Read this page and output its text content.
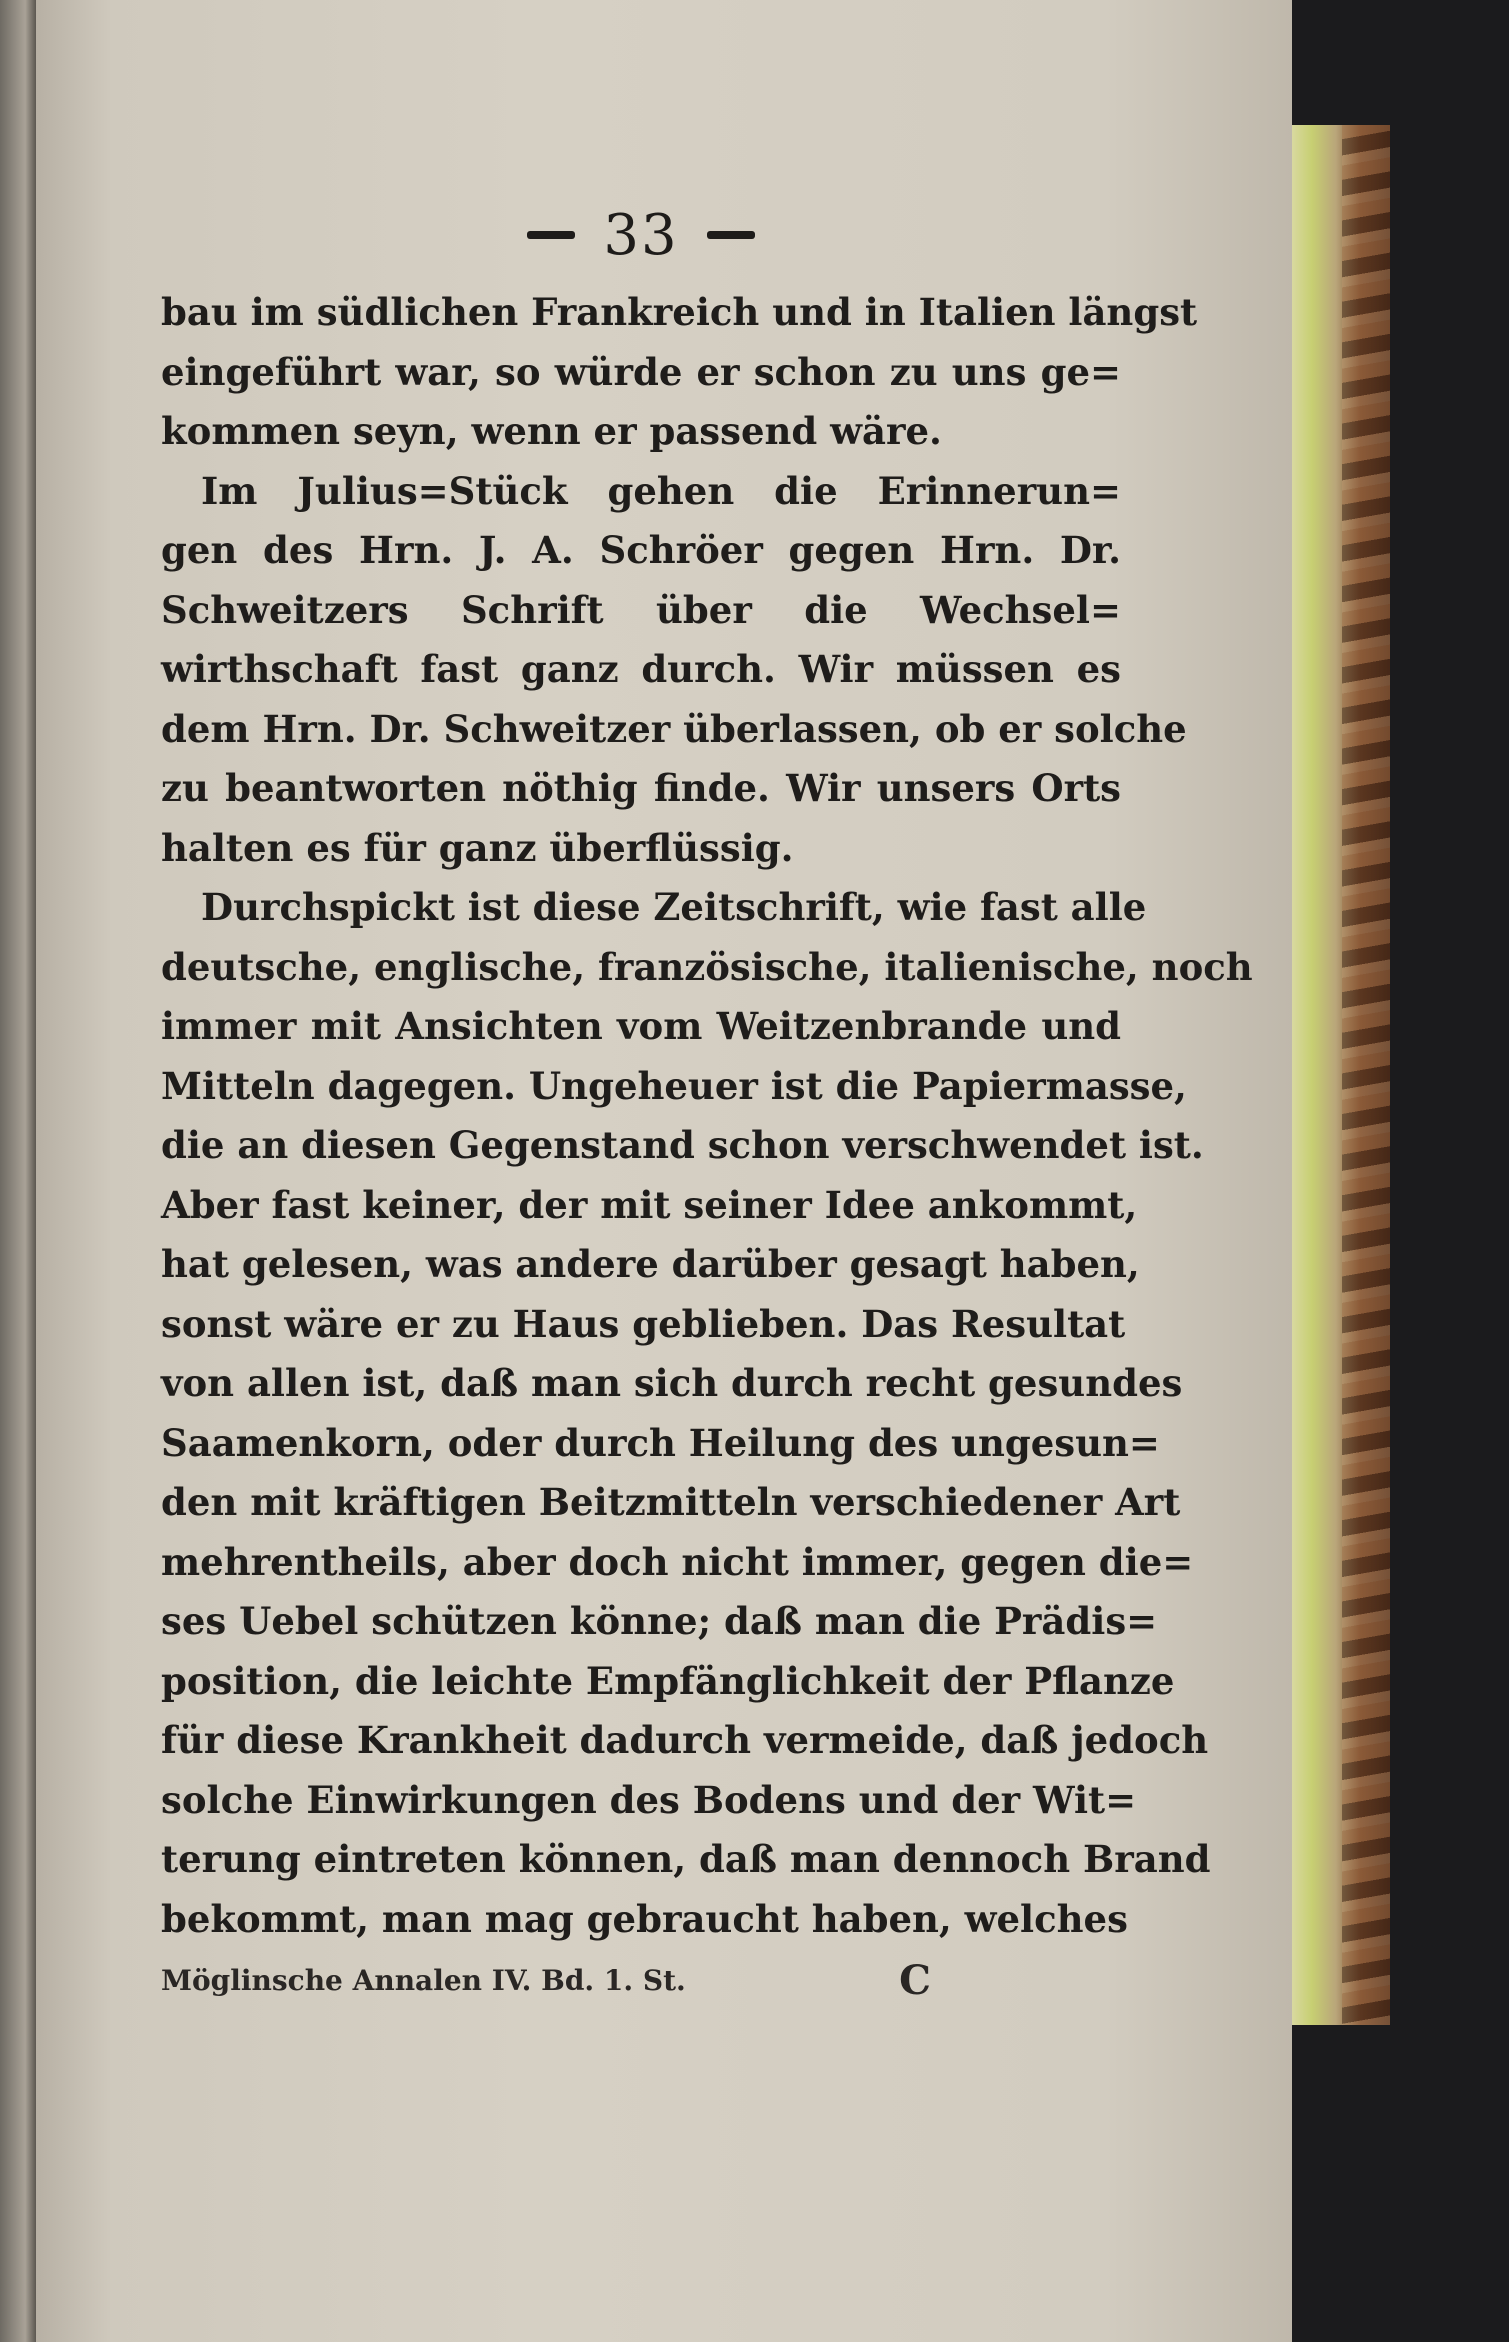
33
bau im südlichen Frankreich und in Italien längst
eingeführt war, so würde er schon zu uns ge=
kommen seyn, wenn er passend wäre.
Im Julius=Stück gehen die Erinnerun=
gen des Hrn. J. A. Schröer gegen Hrn. Dr.
Schweitzers Schrift über die Wechsel=
wirthschaft fast ganz durch. Wir müssen es
dem Hrn. Dr. Schweitzer überlassen, ob er solche
zu beantworten nöthig finde. Wir unsers Orts
halten es für ganz überflüssig.
Durchspickt ist diese Zeitschrift, wie fast alle
deutsche, englische, französische, italienische, noch
immer mit Ansichten vom Weitzenbrande und
Mitteln dagegen. Ungeheuer ist die Papiermasse,
die an diesen Gegenstand schon verschwendet ist.
Aber fast keiner, der mit seiner Idee ankommt,
hat gelesen, was andere darüber gesagt haben,
sonst wäre er zu Haus geblieben. Das Resultat
von allen ist, daß man sich durch recht gesundes
Saamenkorn, oder durch Heilung des ungesun=
den mit kräftigen Beitzmitteln verschiedener Art
mehrentheils, aber doch nicht immer, gegen die=
ses Uebel schützen könne; daß man die Prädis=
position, die leichte Empfänglichkeit der Pflanze
für diese Krankheit dadurch vermeide, daß jedoch
solche Einwirkungen des Bodens und der Wit=
terung eintreten können, daß man dennoch Brand
bekommt, man mag gebraucht haben, welches
Möglinsche Annalen IV. Bd. 1. St.	C
